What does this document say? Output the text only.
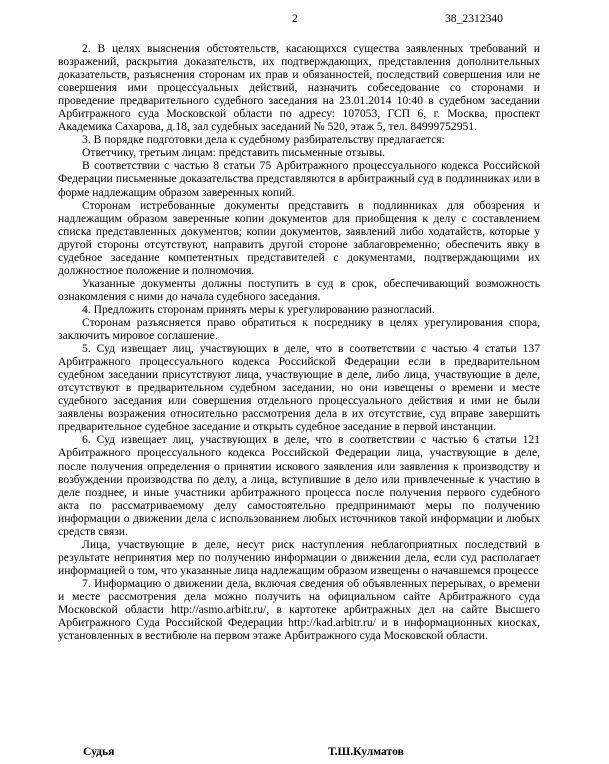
2	38_2312340

2. В целях выяснения обстоятельств, касающихся существа заявленных требований и возражений, раскрытия доказательств, их подтверждающих, представления дополнительных доказательств, разъяснения сторонам их прав и обязанностей, последствий совершения или не совершения ими процессуальных действий, назначить собеседование со сторонами и проведение предварительного судебного заседания на 23.01.2014 10:40 в судебном заседании Арбитражного суда Московской области по адресу: 107053, ГСП 6, г. Москва, проспект Академика Сахарова, д.18, зал судебных заседаний № 520, этаж 5, тел. 84999752951.

3. В порядке подготовки дела к судебному разбирательству предлагается:

Ответчику, третьим лицам: представить письменные отзывы.

В соответствии с частью 8 статьи 75 Арбитражного процессуального кодекса Российской Федерации письменные доказательства представляются в арбитражный суд в подлинниках или в форме надлежащим образом заверенных копий.

Сторонам истребованные документы представить в подлинниках для обозрения и надлежащим образом заверенные копии документов для приобщения к делу с составлением списка представленных документов; копии документов, заявлений либо ходатайств, которые у другой стороны отсутствуют, направить другой стороне заблаговременно; обеспечить явку в судебное заседание компетентных представителей с документами, подтверждающими их должностное положение и полномочия.

Указанные документы должны поступить в суд в срок, обеспечивающий возможность ознакомления с ними до начала судебного заседания.

4. Предложить сторонам принять меры к урегулированию разногласий.

Сторонам разъясняется право обратиться к посреднику в целях урегулирования спора, заключить мировое соглашение.

5. Суд извещает лиц, участвующих в деле, что в соответствии с частью 4 статьи 137 Арбитражного процессуального кодекса Российской Федерации если в предварительном судебном заседании присутствуют лица, участвующие в деле, либо лица, участвующие в деле, отсутствуют в предварительном судебном заседании, но они извещены о времени и месте судебного заседания или совершения отдельного процессуального действия и ими не были заявлены возражения относительно рассмотрения дела в их отсутствие, суд вправе завершить предварительное судебное заседание и открыть судебное заседание в первой инстанции.

6. Суд извещает лиц, участвующих в деле, что в соответствии с частью 6 статьи 121 Арбитражного процессуального кодекса Российской Федерации лица, участвующие в деле, после получения определения о принятии искового заявления или заявления к производству и возбуждении производства по делу, а лица, вступившие в дело или привлеченные к участию в деле позднее, и иные участники арбитражного процесса после получения первого судебного акта по рассматриваемому делу самостоятельно предпринимают меры по получению информации о движении дела с использованием любых источников такой информации и любых средств связи.

Лица, участвующие в деле, несут риск наступления неблагоприятных последствий в результате непринятия мер по получению информации о движении дела, если суд располагает информацией о том, что указанные лица надлежащим образом извещены о начавшемся процессе

7. Информацию о движении дела, включая сведения об объявленных перерывах, о времени и месте рассмотрения дела можно получить на официальном сайте Арбитражного суда Московской области http://asmo.arbitr.ru/, в картотеке арбитражных дел на сайте Высшего Арбитражного Суда Российской Федерации http://kad.arbitr.ru/ и в информационных киосках, установленных в вестибюле на первом этаже Арбитражного суда Московской области.

Судья	Т.Ш.Кулматов
